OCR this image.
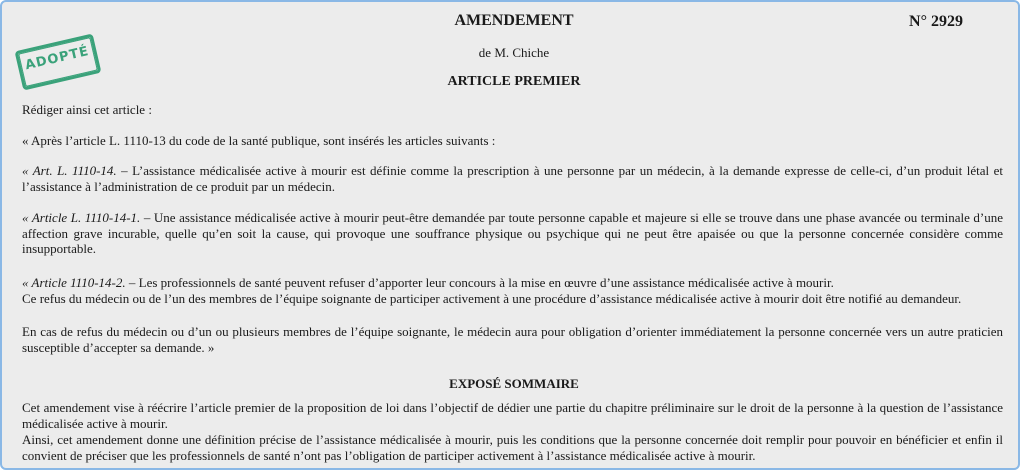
AMENDEMENT	N° 2929
de M. Chiche
ARTICLE PREMIER
ADOPTÉ

Rédiger ainsi cet article :

« Après l’article L. 1110-13 du code de la santé publique, sont insérés les articles suivants :

« Art. L. 1110-14. – L’assistance médicalisée active à mourir est définie comme la prescription à une personne par un médecin, à la demande expresse de celle-ci, d’un produit létal et l’assistance à l’administration de ce produit par un médecin.

« Article L. 1110-14-1. – Une assistance médicalisée active à mourir peut-être demandée par toute personne capable et majeure si elle se trouve dans une phase avancée ou terminale d’une affection grave incurable, quelle qu’en soit la cause, qui provoque une souffrance physique ou psychique qui ne peut être apaisée ou que la personne concernée considère comme insupportable.

« Article 1110-14-2. – Les professionnels de santé peuvent refuser d’apporter leur concours à la mise en œuvre d’une assistance médicalisée active à mourir.

Ce refus du médecin ou de l’un des membres de l’équipe soignante de participer activement à une procédure d’assistance médicalisée active à mourir doit être notifié au demandeur.

En cas de refus du médecin ou d’un ou plusieurs membres de l’équipe soignante, le médecin aura pour obligation d’orienter immédiatement la personne concernée vers un autre praticien susceptible d’accepter sa demande. »

Cet amendement vise à réécrire l’article premier de la proposition de loi dans l’objectif de dédier une partie du chapitre préliminaire sur le droit de la personne à la question de l’assistance médicalisée active à mourir.

Ainsi, cet amendement donne une définition précise de l’assistance médicalisée à mourir, puis les conditions que la personne concernée doit remplir pour pouvoir en bénéficier et enfin il convient de préciser que les professionnels de santé n’ont pas l’obligation de participer activement à l’assistance médicalisée active à mourir.

EXPOSÉ SOMMAIRE
